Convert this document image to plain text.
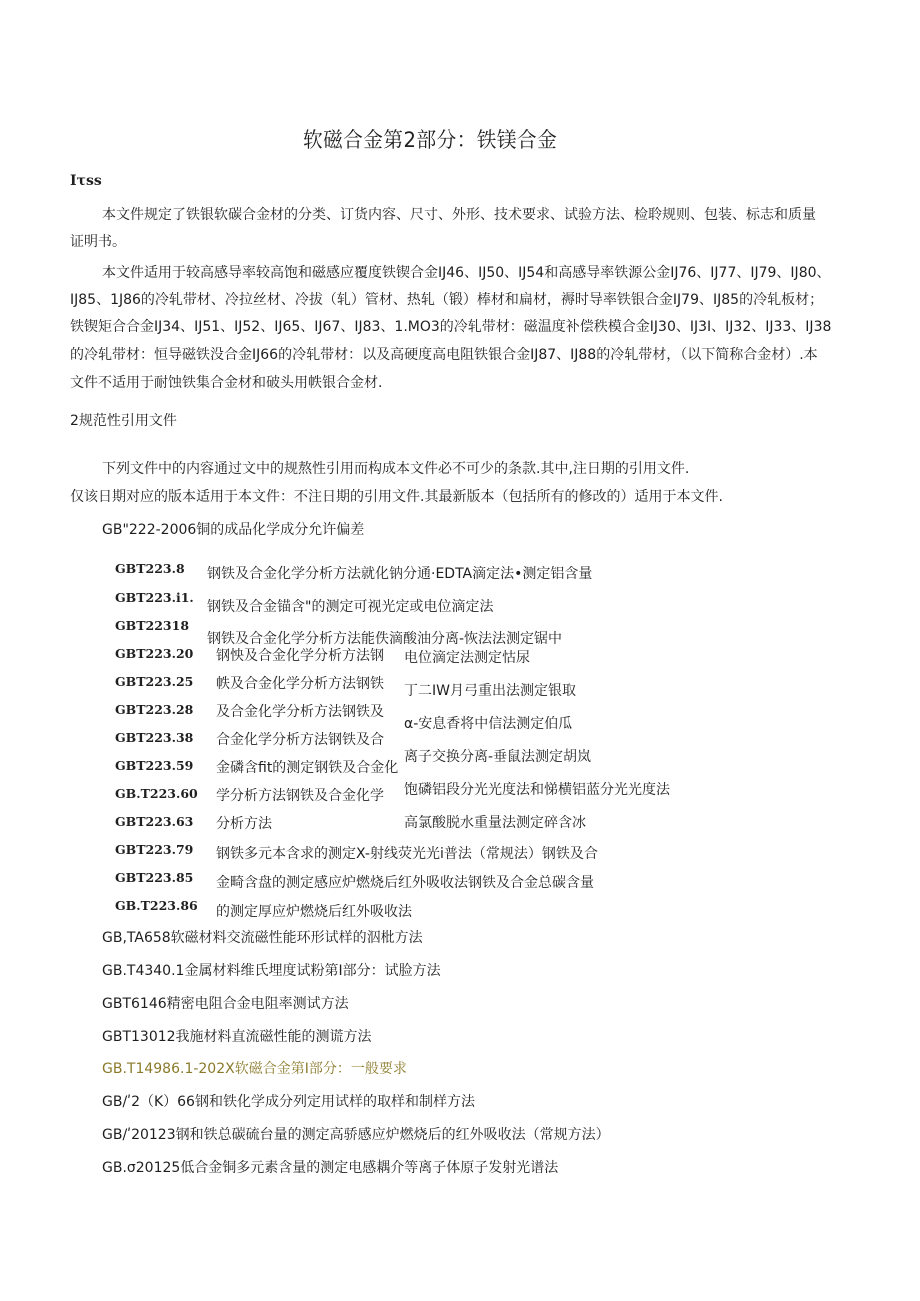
软磁合金第2部分：铁镁合金
Iτss
本文件规定了铁银软碳合金材的分类、订货内容、尺寸、外形、技术要求、试验方法、检聆规则、包装、标志和质量
证明书。
本文件适用于较高感导率较高饱和磁感应覆度铁锲合金IJ46、IJ50、IJ54和高感导率铁源公金IJ76、IJ77、IJ79、IJ80、
IJ85、1J86的冷轧带材、冷拉丝材、冷拔（轧）管材、热轧（锻）棒材和扁材，褥时导率铁银合金IJ79、IJ85的冷轧板材；
铁锲矩合合金IJ34、IJ51、IJ52、IJ65、IJ67、IJ83、1.MO3的冷轧带材：磁温度补偿秩模合金IJ30、IJ3I、IJ32、IJ33、IJ38
的冷轧带材：恒导磁铁没合金IJ66的冷轧带材：以及高硬度高电阻铁银合金IJ87、IJ88的冷轧带材，（以下简称合金材）.本
文件不适用于耐蚀铁集合金材和破头用帙银合金材.
2规范性引用文件
下列文件中的内容通过文中的规熬性引用而构成本文件必不可少的条款.其中,注日期的引用文件.
仅该日期对应的版本适用于本文件：不注日期的引用文件.其最新版本（包括所有的修改的）适用于本文件.
GB"222-2006铜的成品化学成分允许偏差
GBT223.8
GBT223.i1.
GBT22318
GBT223.20
GBT223.25
GBT223.28
GBT223.38
GBT223.59
GB.T223.60
GBT223.63
GBT223.79
GBT223.85
GB.T223.86
钢铁及合金化学分析方法就化钠分通·EDTA滴定法•测定铝含量
钢铁及合金锚含"的测定可视光定或电位滴定法
钢铁及合金化学分析方法能佚滴酸油分离-恢法法测定锯中
钢怏及合金化学分析方法钢
帙及合金化学分析方法钢铁
及合金化学分析方法钢铁及
合金化学分析方法钢铁及合
金磷含fit的测定钢铁及合金化
学分析方法钢铁及合金化学
分析方法
电位滴定法测定怙尿
丁二IW月弓重出法测定银取
α-安息香将中信法测定伯瓜
离子交换分离-垂鼠法测定胡岚
饱磷铝段分光光度法和悌横铝蓝分光光度法
高氯酸脱水重量法测定碎含冰
钢铁多元本含求的测定X-射线荧光光i普法（常规法）钢铁及合
金畸含盘的测定感应炉燃烧后红外吸收法钢铁及合金总碳含量
的测定厚应炉燃烧后红外吸收法
GB,TA658软磁材料交流磁性能环形试样的泅枇方法
GB.T4340.1金属材料维氏埋度试粉第I部分：试脸方法
GBT6146精密电阻合金电阻率测试方法
GBT13012我施材料直流磁性能的测谎方法
GB.T14986.1-202X软磁合金第I部分：一般要求
GB/ʹ2（K）66钢和铁化学成分列定用试样的取样和制样方法
GB/ʹ20123钢和铁总碳硫台量的测定高骄感应炉燃烧后的红外吸收法（常规方法）
GB.σ20125低合金铜多元素含量的测定电感耦介等离子体原子发射光谱法
